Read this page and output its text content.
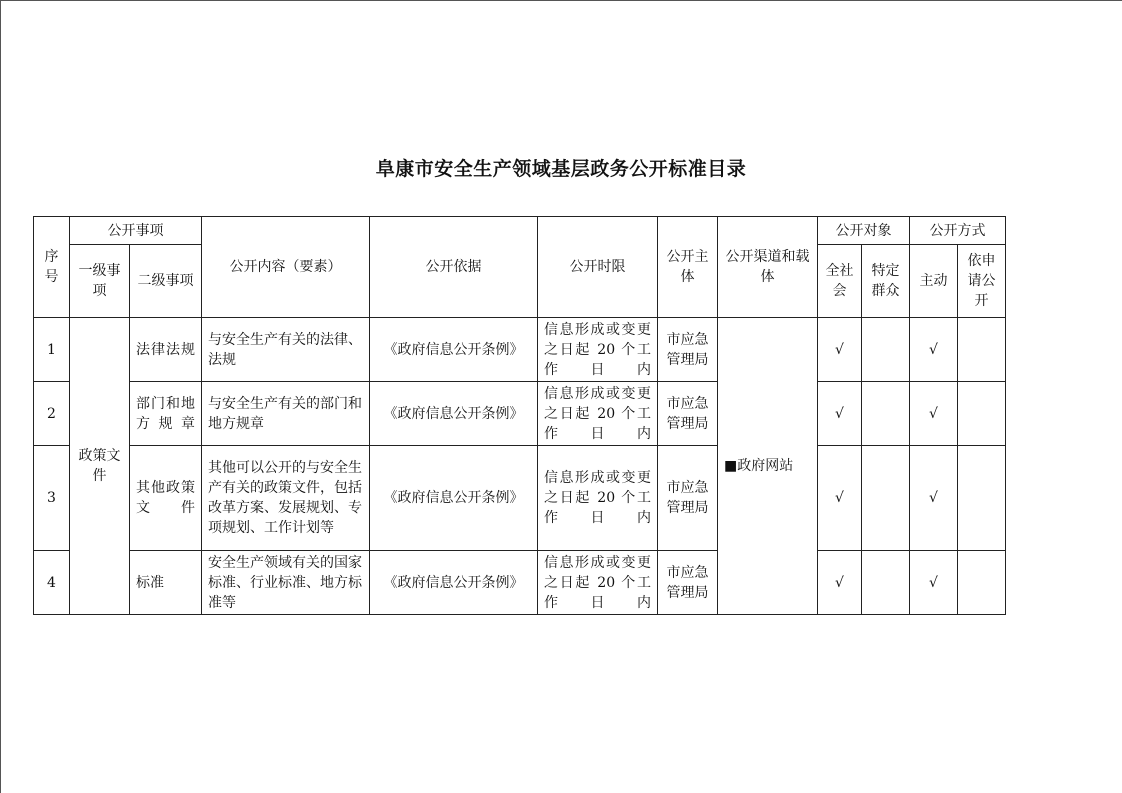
阜康市安全生产领域基层政务公开标准目录
序号	公开事项		公开内容（要素）	公开依据	公开时限	公开主体	公开渠道和载体	公开对象		公开方式	
	一级事项	二级事项						全社会	特定群众	主动	依申请公开
1	政策文件	法律法规	与安全生产有关的法律、法规	《政府信息公开条例》	信息形成或变更之日起 20 个工作日内	市应急管理局	■政府网站	√		√	
2		部门和地方规章	与安全生产有关的部门和地方规章	《政府信息公开条例》	信息形成或变更之日起 20 个工作日内	市应急管理局		√		√	
3		其他政策文件	其他可以公开的与安全生产有关的政策文件，包括改革方案、发展规划、专项规划、工作计划等	《政府信息公开条例》	信息形成或变更之日起 20 个工作日内	市应急管理局		√		√	
4		标准	安全生产领域有关的国家标准、行业标准、地方标准等	《政府信息公开条例》	信息形成或变更之日起 20 个工作日内	市应急管理局		√		√	
